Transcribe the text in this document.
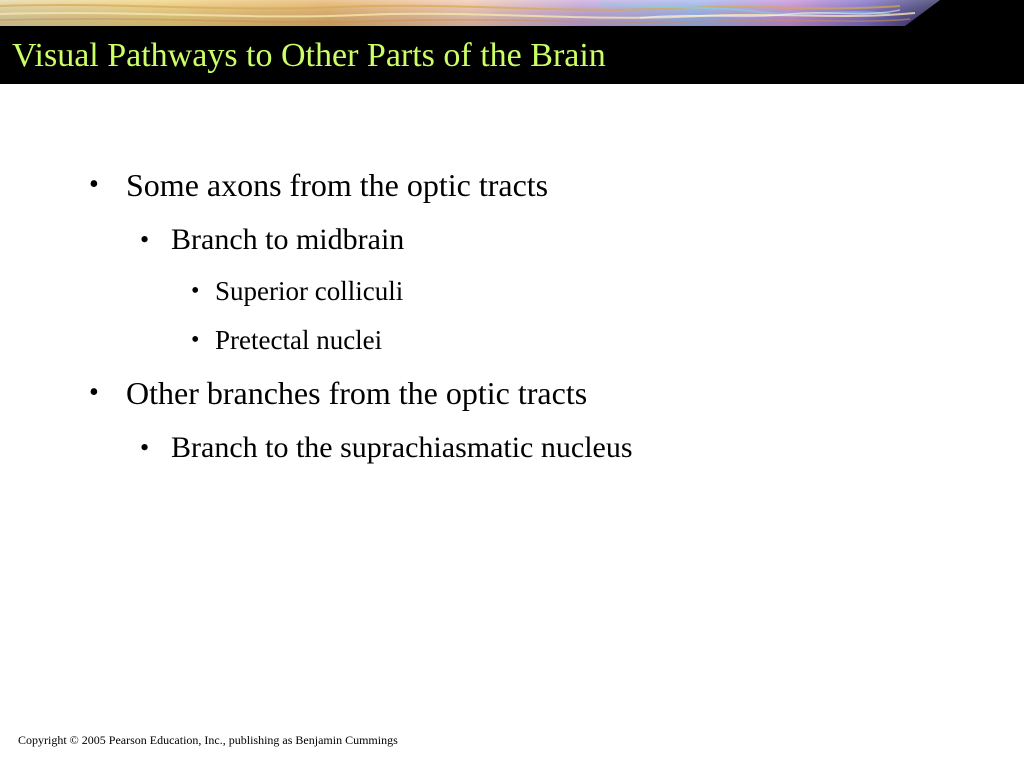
Visual Pathways to Other Parts of the Brain
• Some axons from the optic tracts
• Branch to midbrain
• Superior colliculi
• Pretectal nuclei
• Other branches from the optic tracts
• Branch to the suprachiasmatic nucleus
Copyright © 2005 Pearson Education, Inc., publishing as Benjamin Cummings
